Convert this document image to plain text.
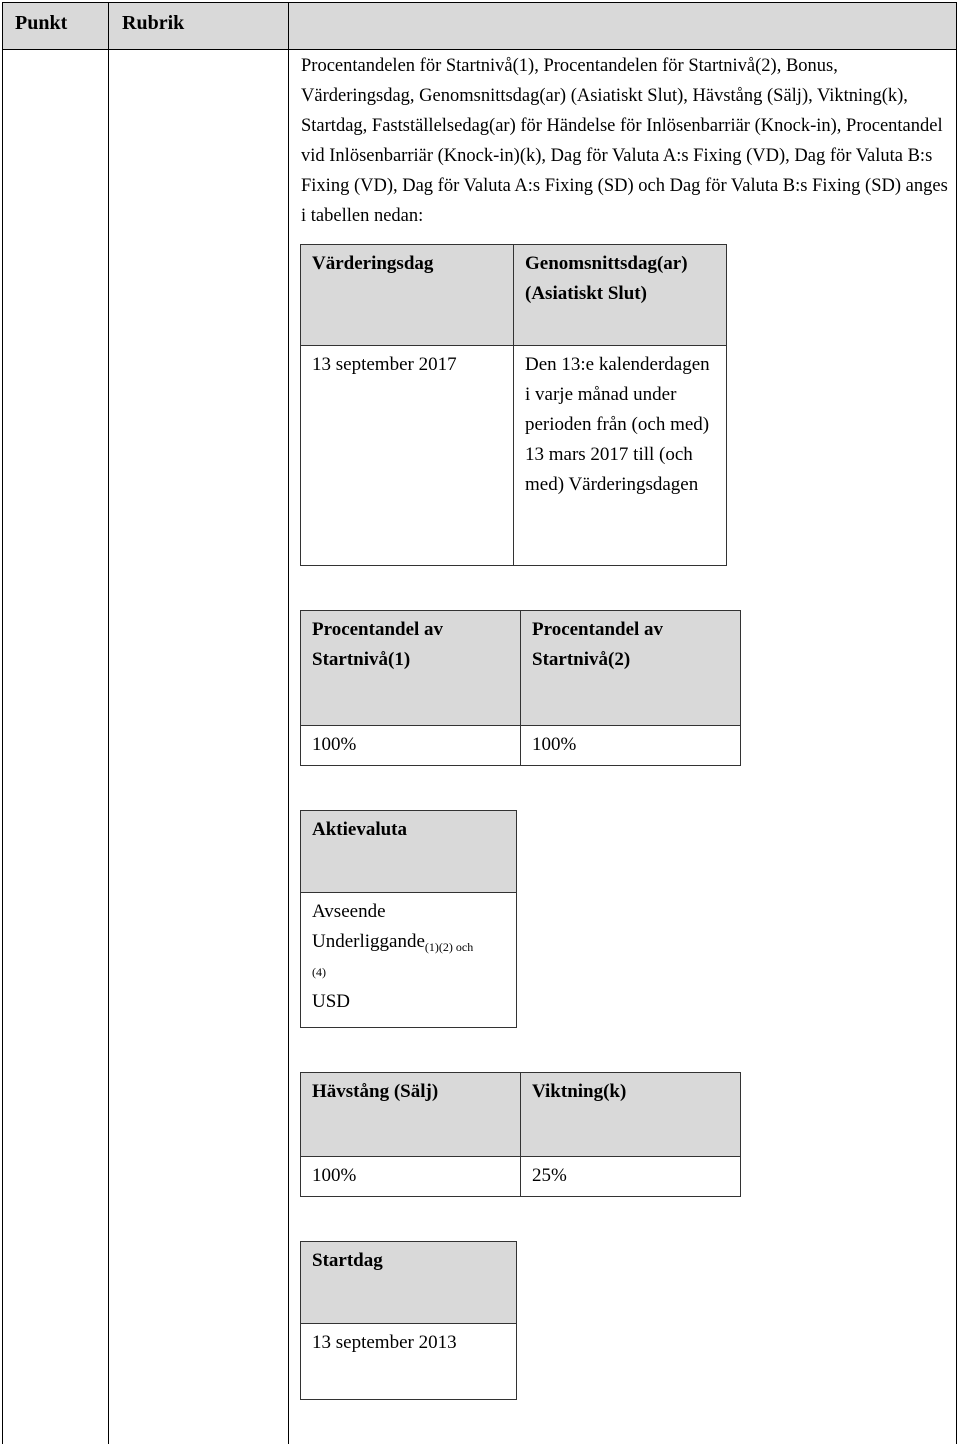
Punkt	Rubrik
Procentandelen för Startnivå(1), Procentandelen för Startnivå(2), Bonus, Värderingsdag, Genomsnittsdag(ar) (Asiatiskt Slut), Hävstång (Sälj), Viktning(k), Startdag, Fastställelsedag(ar) för Händelse för Inlösenbarriär (Knock-in), Procentandel vid Inlösenbarriär (Knock-in)(k), Dag för Valuta A:s Fixing (VD), Dag för Valuta B:s Fixing (VD), Dag för Valuta A:s Fixing (SD) och Dag för Valuta B:s Fixing (SD) anges i tabellen nedan:
Värderingsdag	Genomsnittsdag(ar) (Asiatiskt Slut)
13 september 2017	Den 13:e kalenderdagen i varje månad under perioden från (och med) 13 mars 2017 till (och med) Värderingsdagen
Procentandel av Startnivå(1)	Procentandel av Startnivå(2)
100%	100%
Aktievaluta

Avseende
Underliggande$_{(1)(2) och}$
(4)
USD
Hävstång (Sälj)	Viktning(k)
100%	25%
Startdag
13 september 2013
